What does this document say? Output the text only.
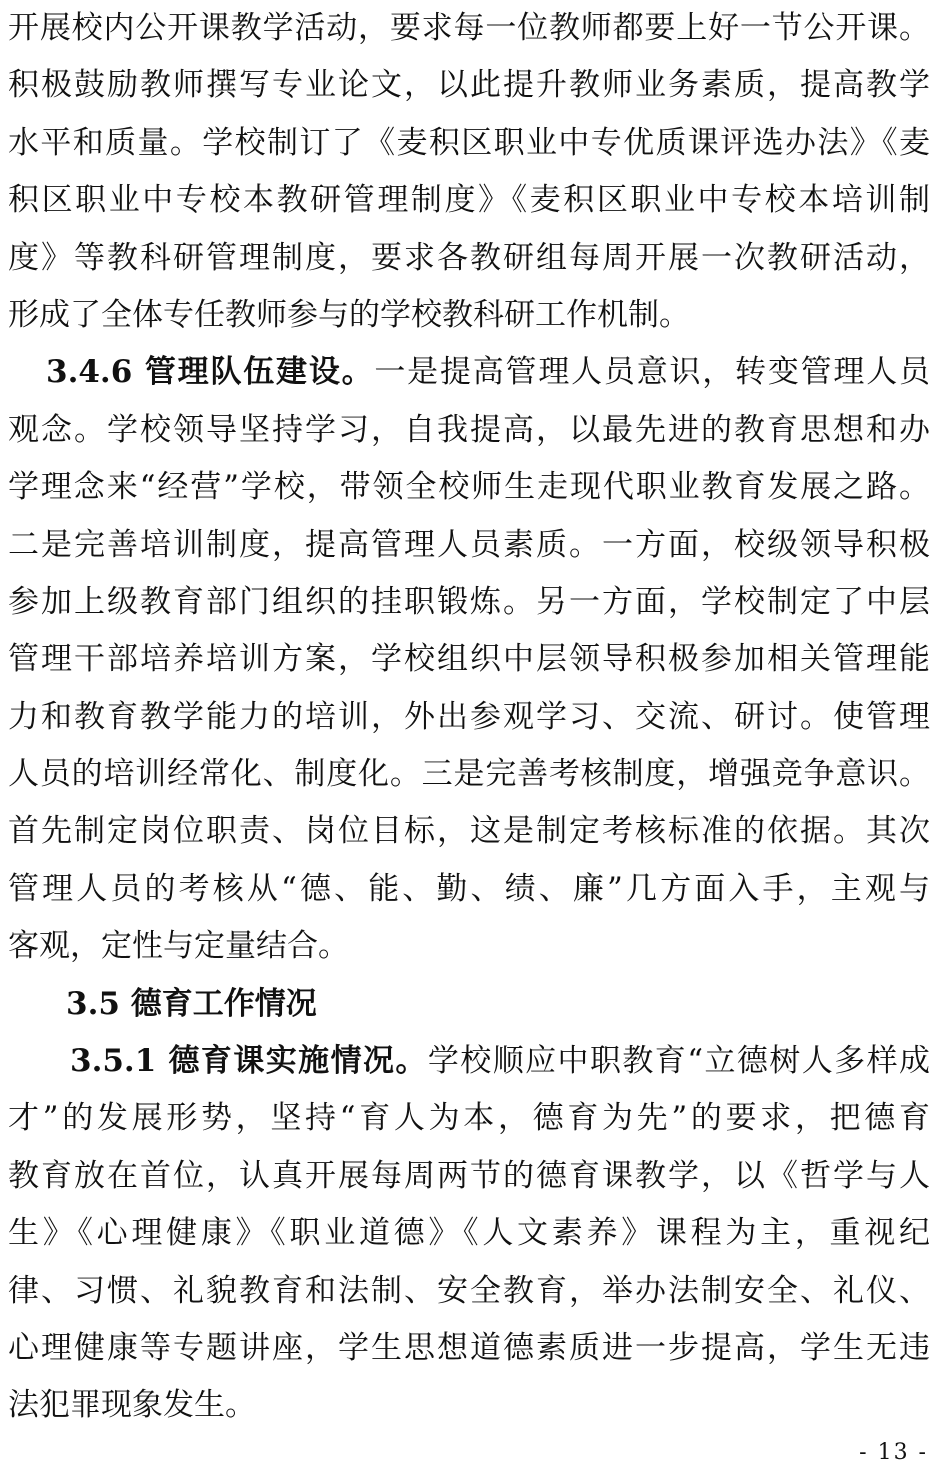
开展校内公开课教学活动，要求每一位教师都要上好一节公开课。
积极鼓励教师撰写专业论文，以此提升教师业务素质，提高教学
水平和质量。学校制订了《麦积区职业中专优质课评选办法》《麦
积区职业中专校本教研管理制度》《麦积区职业中专校本培训制
度》等教科研管理制度，要求各教研组每周开展一次教研活动，
形成了全体专任教师参与的学校教科研工作机制。
3.4.6 管理队伍建设。一是提高管理人员意识，转变管理人员
观念。学校领导坚持学习，自我提高，以最先进的教育思想和办
学理念来“经营”学校，带领全校师生走现代职业教育发展之路。
二是完善培训制度，提高管理人员素质。一方面，校级领导积极
参加上级教育部门组织的挂职锻炼。另一方面，学校制定了中层
管理干部培养培训方案，学校组织中层领导积极参加相关管理能
力和教育教学能力的培训，外出参观学习、交流、研讨。使管理
人员的培训经常化、制度化。三是完善考核制度，增强竞争意识。
首先制定岗位职责、岗位目标，这是制定考核标准的依据。其次
管理人员的考核从“德、能、勤、绩、廉”几方面入手，主观与
客观，定性与定量结合。
3.5 德育工作情况
3.5.1 德育课实施情况。学校顺应中职教育“立德树人多样成
才”的发展形势，坚持“育人为本，德育为先”的要求，把德育
教育放在首位，认真开展每周两节的德育课教学，以《哲学与人
生》《心理健康》《职业道德》《人文素养》课程为主，重视纪
律、习惯、礼貌教育和法制、安全教育，举办法制安全、礼仪、
心理健康等专题讲座，学生思想道德素质进一步提高，学生无违
法犯罪现象发生。
- 13 -
